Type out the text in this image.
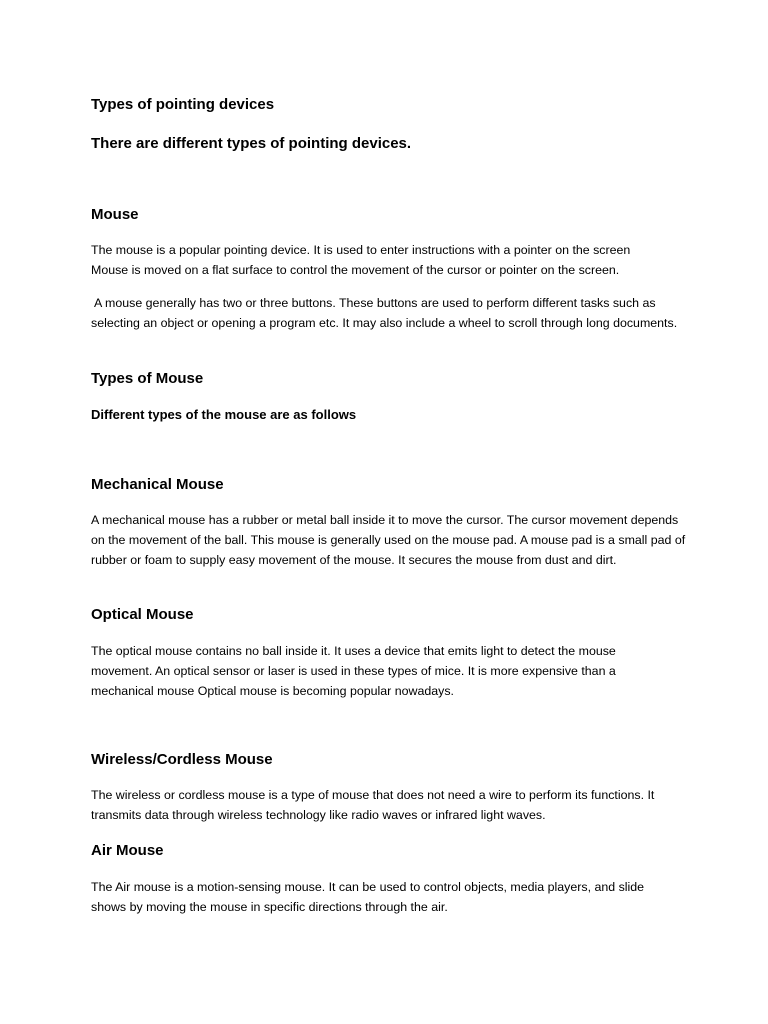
Types of pointing devices
There are different types of pointing devices.
Mouse

The mouse is a popular pointing device. It is used to enter instructions with a pointer on the screen Mouse is moved on a flat surface to control the movement of the cursor or pointer on the screen.

A mouse generally has two or three buttons. These buttons are used to perform different tasks such as selecting an object or opening a program etc. It may also include a wheel to scroll through long documents.

Types of Mouse

Different types of the mouse are as follows

Mechanical Mouse

A mechanical mouse has a rubber or metal ball inside it to move the cursor. The cursor movement depends on the movement of the ball. This mouse is generally used on the mouse pad. A mouse pad is a small pad of rubber or foam to supply easy movement of the mouse. It secures the mouse from dust and dirt.

Optical Mouse

The optical mouse contains no ball inside it. It uses a device that emits light to detect the mouse movement. An optical sensor or laser is used in these types of mice. It is more expensive than a mechanical mouse Optical mouse is becoming popular nowadays.

Wireless/Cordless Mouse

The wireless or cordless mouse is a type of mouse that does not need a wire to perform its functions. It transmits data through wireless technology like radio waves or infrared light waves.

Air Mouse

The Air mouse is a motion-sensing mouse. It can be used to control objects, media players, and slide shows by moving the mouse in specific directions through the air.
